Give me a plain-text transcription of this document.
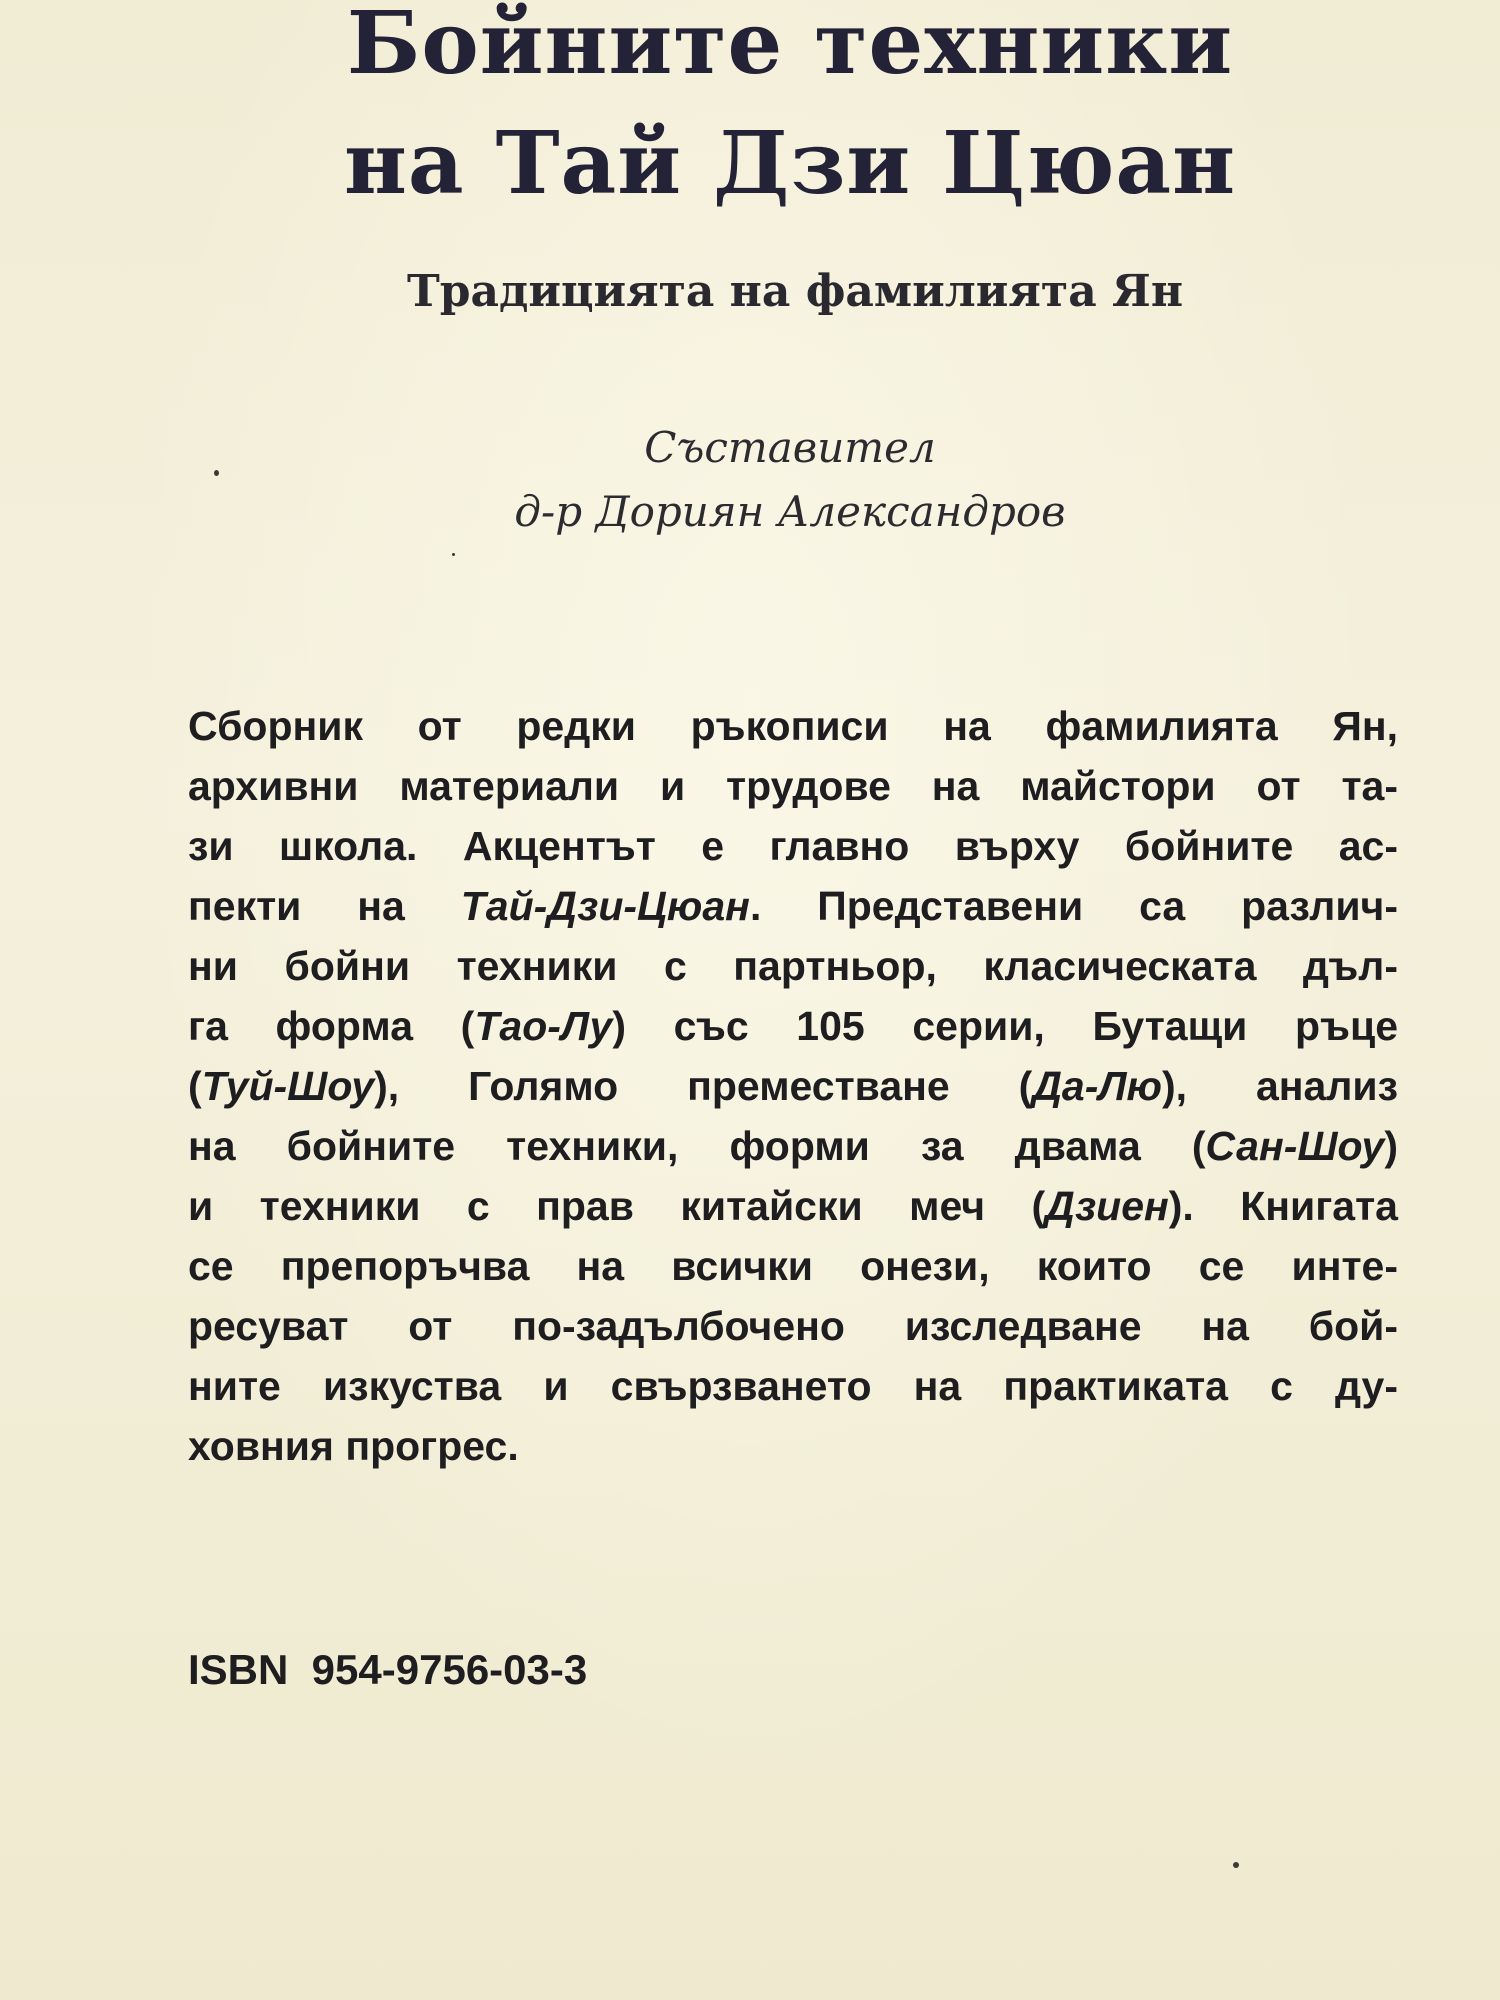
Бойните техники
на Тай Дзи Цюан
Традицията на фамилията Ян

Съставител

д-р Дориян Александров

Сборник от редки ръкописи на фамилията Ян,
архивни материали и трудове на майстори от та-
зи школа. Акцентът е главно върху бойните ас-
пекти на Тай-Дзи-Цюан. Представени са различ-
ни бойни техники с партньор, класическата дъл-
га форма (Тао-Лу) със 105 серии, Бутащи ръце
(Туй-Шоу), Голямо преместване (Да-Лю), анализ
на бойните техники, форми за двама (Сан-Шоу)
и техники с прав китайски меч (Дзиен). Книгата
се препоръчва на всички онези, които се инте-
ресуват от по-задълбочено изследване на бой-
ните изкуства и свързването на практиката с ду-
ховния прогрес.

ISBN  954-9756-03-3
